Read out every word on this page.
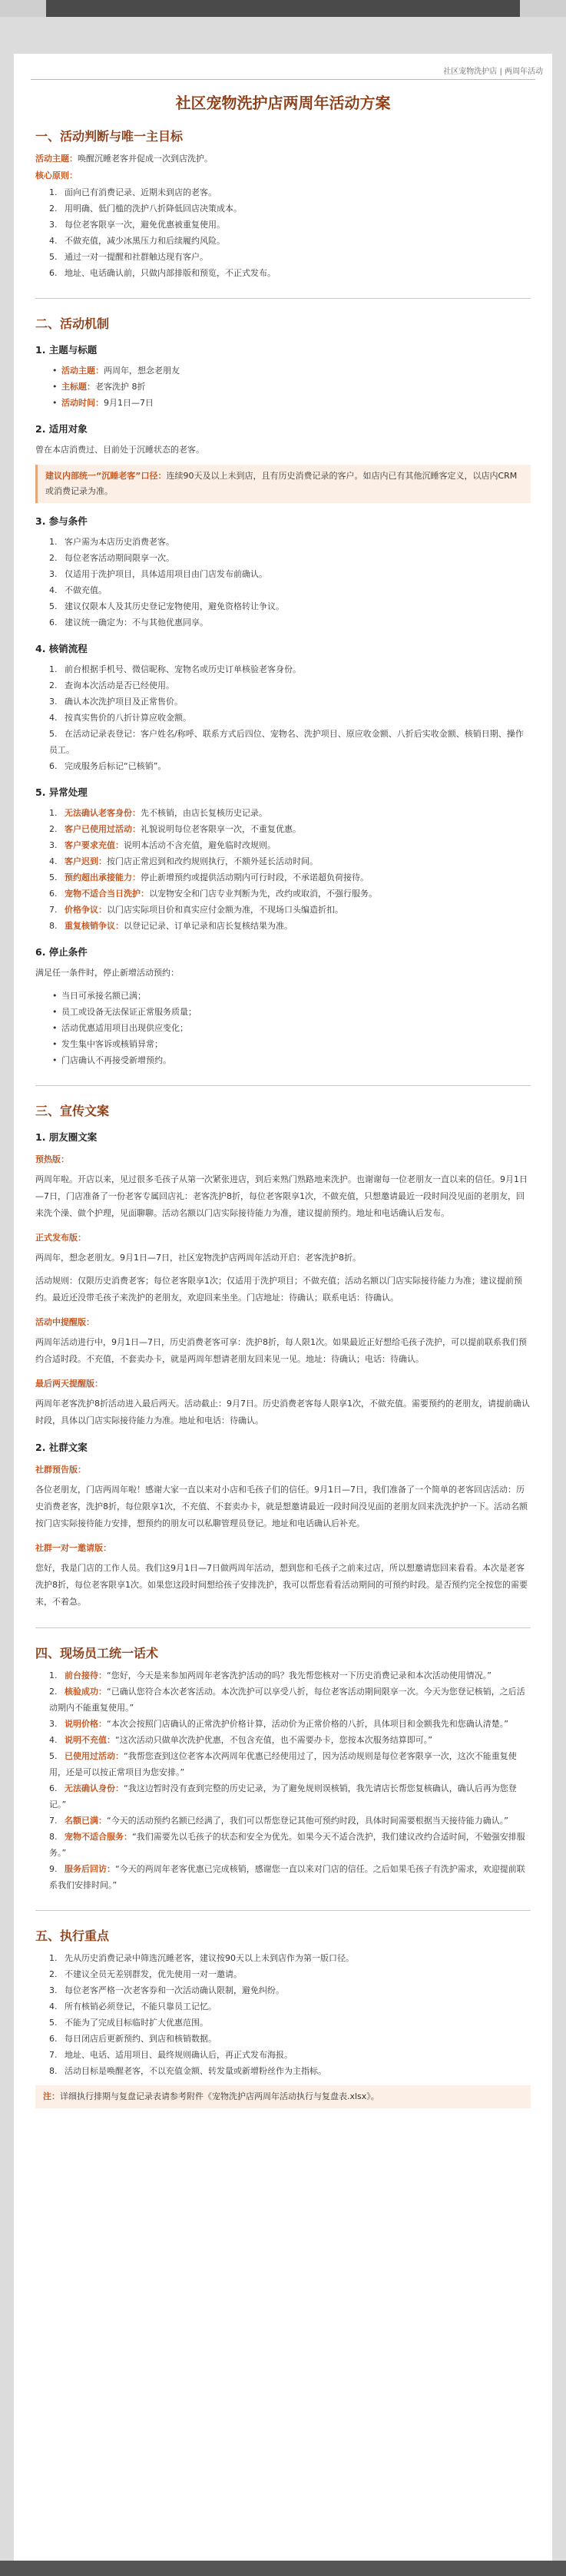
社区宠物洗护店 | 两周年活动
社区宠物洗护店两周年活动方案
一、活动判断与唯一主目标
活动主题：唤醒沉睡老客并促成一次到店洗护。
核心原则：
1. 面向已有消费记录、近期未到店的老客。
2. 用明确、低门槛的洗护八折降低回店决策成本。
3. 每位老客限享一次，避免优惠被重复使用。
4. 不做充值，减少冰黑压力和后续履约风险。
5. 通过一对一提醒和社群触达现有客户。
6. 地址、电话确认前，只做内部排版和预览，不正式发布。
二、活动机制
1. 主题与标题
• 活动主题：两周年，想念老朋友
• 主标题：老客洗护 8折
• 活动时间：9月1日—7日
2. 适用对象

曾在本店消费过、目前处于沉睡状态的老客。

建议内部统一“沉睡老客”口径：连续90天及以上未到店，且有历史消费记录的客户。如店内已有其他沉睡客定义，以店内CRM或消费记录为准。
3. 参与条件
1. 客户需为本店历史消费老客。
2. 每位老客活动期间限享一次。
3. 仅适用于洗护项目，具体适用项目由门店发布前确认。
4. 不做充值。
5. 建议仅限本人及其历史登记宠物使用，避免资格转让争议。
6. 建议统一确定为：不与其他优惠同享。
4. 核销流程
1. 前台根据手机号、微信昵称、宠物名或历史订单核验老客身份。
2. 查询本次活动是否已经使用。
3. 确认本次洗护项目及正常售价。
4. 按真实售价的八折计算应收金额。
5. 在活动记录表登记：客户姓名/称呼、联系方式后四位、宠物名、洗护项目、原应收金额、八折后实收金额、核销日期、操作员工。
6. 完成服务后标记“已核销”。
5. 异常处理
1. 无法确认老客身份：先不核销，由店长复核历史记录。
2. 客户已使用过活动：礼貌说明每位老客限享一次，不重复优惠。
3. 客户要求充值：说明本活动不含充值，避免临时改规则。
4. 客户迟到：按门店正常迟到和改约规则执行，不额外延长活动时间。
5. 预约超出承接能力：停止新增预约或提供活动期内可行时段，不承诺超负荷接待。
6. 宠物不适合当日洗护：以宠物安全和门店专业判断为先，改约或取消，不强行服务。
7. 价格争议：以门店实际项目价和真实应付金额为准，不现场口头编造折扣。
8. 重复核销争议：以登记记录、订单记录和店长复核结果为准。
6. 停止条件

满足任一条件时，停止新增活动预约：

• 当日可承接名额已满；
• 员工或设备无法保证正常服务质量；
• 活动优惠适用项目出现供应变化；
• 发生集中客诉或核销异常；
• 门店确认不再接受新增预约。
三、宣传文案
1. 朋友圈文案
预热版：

两周年啦。开店以来，见过很多毛孩子从第一次紧张进店，到后来熟门熟路地来洗护。也谢谢每一位老朋友一直以来的信任。9月1日—7日，门店准备了一份老客专属回店礼：老客洗护8折，每位老客限享1次，不做充值，只想邀请最近一段时间没见面的老朋友，回来洗个澡、做个护理，见面聊聊。活动名额以门店实际接待能力为准，建议提前预约。地址和电话确认后发布。

正式发布版：

两周年，想念老朋友。9月1日—7日，社区宠物洗护店两周年活动开启：老客洗护8折。

活动规则：仅限历史消费老客；每位老客限享1次；仅适用于洗护项目；不做充值；活动名额以门店实际接待能力为准；建议提前预约。最近还没带毛孩子来洗护的老朋友，欢迎回来坐坐。门店地址：待确认；联系电话：待确认。

活动中提醒版：

两周年活动进行中，9月1日—7日，历史消费老客可享：洗护8折，每人限1次。如果最近正好想给毛孩子洗护，可以提前联系我们预约合适时段。不充值，不套卖办卡，就是两周年想请老朋友回来见一见。地址：待确认；电话：待确认。

最后两天提醒版：

两周年老客洗护8折活动进入最后两天。活动截止：9月7日。历史消费老客每人限享1次，不做充值。需要预约的老朋友，请提前确认时段，具体以门店实际接待能力为准。地址和电话：待确认。

2. 社群文案
社群预告版：

各位老朋友，门店两周年啦！感谢大家一直以来对小店和毛孩子们的信任。9月1日—7日，我们准备了一个简单的老客回店活动：历史消费老客，洗护8折，每位限享1次，不充值、不套卖办卡，就是想邀请最近一段时间没见面的老朋友回来洗洗护护一下。活动名额按门店实际接待能力安排，想预约的朋友可以私聊管理员登记。地址和电话确认后补充。

社群一对一邀请版：

您好，我是门店的工作人员。我们这9月1日—7日做两周年活动，想到您和毛孩子之前来过店，所以想邀请您回来看看。本次是老客洗护8折，每位老客限享1次。如果您这段时间想给孩子安排洗护，我可以帮您看看活动期间的可预约时段。是否预约完全按您的需要来，不着急。

四、现场员工统一话术
1. 前台接待：“您好，今天是来参加两周年老客洗护活动的吗？我先帮您核对一下历史消费记录和本次活动使用情况。”
2. 核验成功：“已确认您符合本次老客活动。本次洗护可以享受八折，每位老客活动期间限享一次。今天为您登记核销，之后活动期内不能重复使用。”
3. 说明价格：“本次会按照门店确认的正常洗护价格计算，活动价为正常价格的八折，具体项目和金额我先和您确认清楚。”
4. 说明不充值：“这次活动只做单次洗护优惠，不包含充值，也不需要办卡，您按本次服务结算即可。”
5. 已使用过活动：“我帮您查到这位老客本次两周年优惠已经使用过了，因为活动规则是每位老客限享一次，这次不能重复使用，还是可以按正常项目为您安排。”
6. 无法确认身份：“我这边暂时没有查到完整的历史记录，为了避免规则误核销，我先请店长帮您复核确认，确认后再为您登记。”
7. 名额已满：“今天的活动预约名额已经满了，我们可以帮您登记其他可预约时段，具体时间需要根据当天接待能力确认。”
8. 宠物不适合服务：“我们需要先以毛孩子的状态和安全为优先。如果今天不适合洗护，我们建议改约合适时间，不勉强安排服务。”
9. 服务后回访：“今天的两周年老客优惠已完成核销，感谢您一直以来对门店的信任。之后如果毛孩子有洗护需求，欢迎提前联系我们安排时间。”
五、执行重点
1. 先从历史消费记录中筛选沉睡老客，建议按90天以上未到店作为第一版口径。
2. 不建议全员无差别群发，优先使用一对一邀请。
3. 每位老客严格一次老客券和一次活动确认限制，避免纠纷。
4. 所有核销必须登记，不能只靠员工记忆。
5. 不能为了完成目标临时扩大优惠范围。
6. 每日闭店后更新预约、到店和核销数据。
7. 地址、电话、适用项目、最终规则确认后，再正式发布海报。
8. 活动目标是唤醒老客，不以充值金额、转发量或新增粉丝作为主指标。
注：详细执行排期与复盘记录表请参考附件《宠物洗护店两周年活动执行与复盘表.xlsx》。
